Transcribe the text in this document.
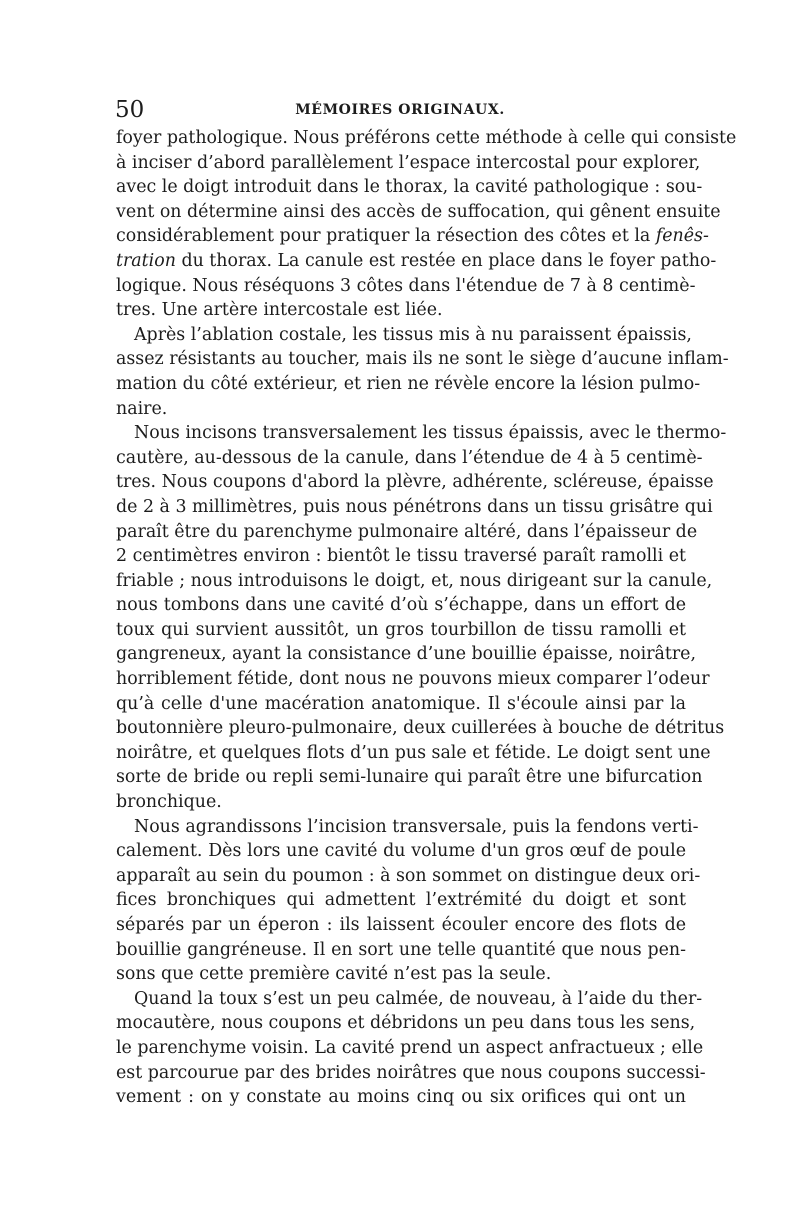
50	MÉMOIRES ORIGINAUX.
foyer pathologique. Nous préférons cette méthode à celle qui consiste
à inciser d’abord parallèlement l’espace intercostal pour explorer,
avec le doigt introduit dans le thorax, la cavité pathologique : sou-
vent on détermine ainsi des accès de suffocation, qui gênent ensuite
considérablement pour pratiquer la résection des côtes et la fenês-
tration du thorax. La canule est restée en place dans le foyer patho-
logique. Nous réséquons 3 côtes dans l'étendue de 7 à 8 centimè-
tres. Une artère intercostale est liée.
Après l’ablation costale, les tissus mis à nu paraissent épaissis,
assez résistants au toucher, mais ils ne sont le siège d’aucune inflam-
mation du côté extérieur, et rien ne révèle encore la lésion pulmo-
naire.
Nous incisons transversalement les tissus épaissis, avec le thermo-
cautère, au-dessous de la canule, dans l’étendue de 4 à 5 centimè-
tres. Nous coupons d'abord la plèvre, adhérente, scléreuse, épaisse
de 2 à 3 millimètres, puis nous pénétrons dans un tissu grisâtre qui
paraît être du parenchyme pulmonaire altéré, dans l’épaisseur de
2 centimètres environ : bientôt le tissu traversé paraît ramolli et
friable ; nous introduisons le doigt, et, nous dirigeant sur la canule,
nous tombons dans une cavité d’où s’échappe, dans un effort de
toux qui survient aussitôt, un gros tourbillon de tissu ramolli et
gangreneux, ayant la consistance d’une bouillie épaisse, noirâtre,
horriblement fétide, dont nous ne pouvons mieux comparer l’odeur
qu’à celle d'une macération anatomique. Il s'écoule ainsi par la
boutonnière pleuro-pulmonaire, deux cuillerées à bouche de détritus
noirâtre, et quelques flots d’un pus sale et fétide. Le doigt sent une
sorte de bride ou repli semi-lunaire qui paraît être une bifurcation
bronchique.
Nous agrandissons l’incision transversale, puis la fendons verti-
calement. Dès lors une cavité du volume d'un gros œuf de poule
apparaît au sein du poumon : à son sommet on distingue deux ori-
fices bronchiques qui admettent l’extrémité du doigt et sont
séparés par un éperon : ils laissent écouler encore des flots de
bouillie gangréneuse. Il en sort une telle quantité que nous pen-
sons que cette première cavité n’est pas la seule.
Quand la toux s’est un peu calmée, de nouveau, à l’aide du ther-
mocautère, nous coupons et débridons un peu dans tous les sens,
le parenchyme voisin. La cavité prend un aspect anfractueux ; elle
est parcourue par des brides noirâtres que nous coupons successi-
vement : on y constate au moins cinq ou six orifices qui ont un
